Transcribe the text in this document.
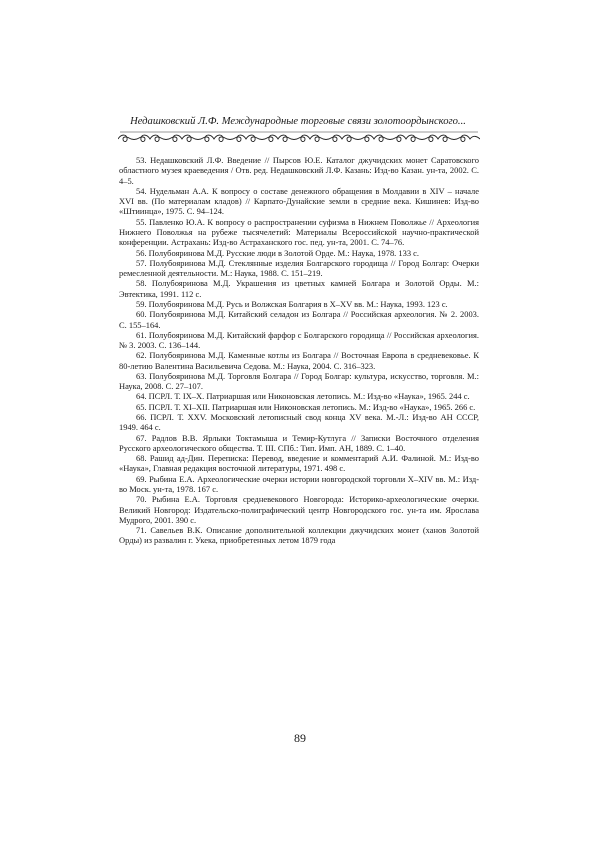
Недашковский Л.Ф. Международные торговые связи золотоордынского...

53. Недашковский Л.Ф. Введение // Пырсов Ю.Е. Каталог джучидских монет Саратовского областного музея краеведения / Отв. ред. Недашковский Л.Ф. Казань: Изд-во Казан. ун-та, 2002. С. 4–5.

54. Нудельман А.А. К вопросу о составе денежного обращения в Молдавии в XIV – начале XVI вв. (По материалам кладов) // Карпато-Дунайские земли в средние века. Кишинев: Изд-во «Штиинца», 1975. С. 94–124.

55. Павленко Ю.А. К вопросу о распространении суфизма в Нижнем Поволжье // Археология Нижнего Поволжья на рубеже тысячелетий: Материалы Всероссийской научно-практической конференции. Астрахань: Изд-во Астраханского гос. пед. ун-та, 2001. С. 74–76.

56. Полубояринова М.Д. Русские люди в Золотой Орде. М.: Наука, 1978. 133 с.

57. Полубояринова М.Д. Стеклянные изделия Болгарского городища // Город Болгар: Очерки ремесленной деятельности. М.: Наука, 1988. С. 151–219.

58. Полубояринова М.Д. Украшения из цветных камней Болгара и Золотой Орды. М.: Эвтектика, 1991. 112 с.

59. Полубояринова М.Д. Русь и Волжская Болгария в X–XV вв. М.: Наука, 1993. 123 с.

60. Полубояринова М.Д. Китайский селадон из Болгара // Российская археология. № 2. 2003. С. 155–164.

61. Полубояринова М.Д. Китайский фарфор с Болгарского городища // Российская археология. № 3. 2003. С. 136–144.

62. Полубояринова М.Д. Каменные котлы из Болгара // Восточная Европа в средневековье. К 80-летию Валентина Васильевича Седова. М.: Наука, 2004. С. 316–323.

63. Полубояринова М.Д. Торговля Болгара // Город Болгар: культура, искусство, торговля. М.: Наука, 2008. С. 27–107.

64. ПСРЛ. Т. IX–X. Патриаршая или Никоновская летопись. М.: Изд-во «Наука», 1965. 244 с.

65. ПСРЛ. Т. XI–XII. Патриаршая или Никоновская летопись. М.: Изд-во «Наука», 1965. 266 с.

66. ПСРЛ. Т. XXV. Московский летописный свод конца XV века. М.-Л.: Изд-во АН СССР, 1949. 464 с.

67. Радлов В.В. Ярлыки Токтамыша и Темир-Кутлуга // Записки Восточного отделения Русского археологического общества. Т. III. СПб.: Тип. Имп. АН, 1889. С. 1–40.

68. Рашид ад-Дин. Переписка: Перевод, введение и комментарий А.И. Фалиной. М.: Изд-во «Наука», Главная редакция восточной литературы, 1971. 498 с.

69. Рыбина Е.А. Археологические очерки истории новгородской торговли X–XIV вв. М.: Изд-во Моск. ун-та, 1978. 167 с.

70. Рыбина Е.А. Торговля средневекового Новгорода: Историко-археологические очерки. Великий Новгород: Издательско-полиграфический центр Новгородского гос. ун-та им. Ярослава Мудрого, 2001. 390 с.

71. Савельев В.К. Описание дополнительной коллекции джучидских монет (ханов Золотой Орды) из развалин г. Укека, приобретенных летом 1879 года

89
